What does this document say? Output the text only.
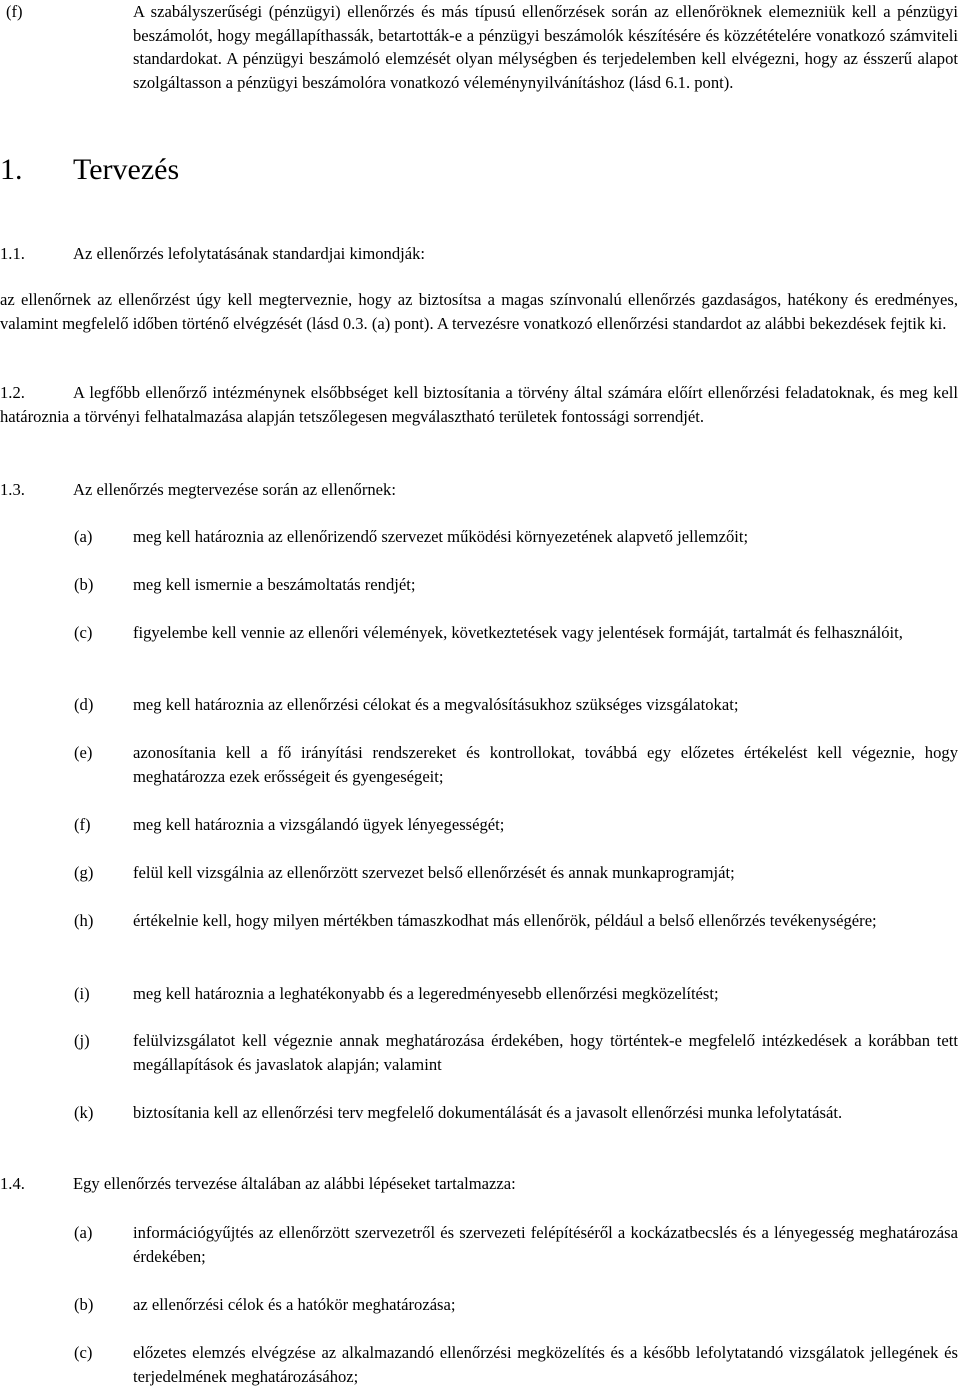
(f)	A szabályszerűségi (pénzügyi) ellenőrzés és más típusú ellenőrzések során az ellenőröknek elemezniük kell a pénzügyi beszámolót, hogy megállapíthassák, betartották-e a pénzügyi beszámolók készítésére és közzétételére vonatkozó számviteli standardokat. A pénzügyi beszámoló elemzését olyan mélységben és terjedelemben kell elvégezni, hogy az ésszerű alapot szolgáltasson a pénzügyi beszámolóra vonatkozó véleménynyilvánításhoz (lásd 6.1. pont).
1. Tervezés
1.1.	Az ellenőrzés lefolytatásának standardjai kimondják:
az ellenőrnek az ellenőrzést úgy kell megterveznie, hogy az biztosítsa a magas színvonalú ellenőrzés gazdaságos, hatékony és eredményes, valamint megfelelő időben történő elvégzését (lásd 0.3. (a) pont). A tervezésre vonatkozó ellenőrzési standardot az alábbi bekezdések fejtik ki.
1.2.	A legfőbb ellenőrző intézménynek elsőbbséget kell biztosítania a törvény által számára előírt ellenőrzési feladatoknak, és meg kell határoznia a törvényi felhatalmazása alapján tetszőlegesen megválasztható területek fontossági sorrendjét.
1.3.	Az ellenőrzés megtervezése során az ellenőrnek:
(a)	meg kell határoznia az ellenőrizendő szervezet működési környezetének alapvető jellemzőit;
(b)	meg kell ismernie a beszámoltatás rendjét;
(c)	figyelembe kell vennie az ellenőri vélemények, következtetések vagy jelentések formáját, tartalmát és felhasználóit,
(d)	meg kell határoznia az ellenőrzési célokat és a megvalósításukhoz szükséges vizsgálatokat;
(e)	azonosítania kell a fő irányítási rendszereket és kontrollokat, továbbá egy előzetes értékelést kell végeznie, hogy meghatározza ezek erősségeit és gyengeségeit;
(f)	meg kell határoznia a vizsgálandó ügyek lényegességét;
(g)	felül kell vizsgálnia az ellenőrzött szervezet belső ellenőrzését és annak munkaprogramját;
(h)	értékelnie kell, hogy milyen mértékben támaszkodhat más ellenőrök, például a belső ellenőrzés tevékenységére;
(i)	meg kell határoznia a leghatékonyabb és a legeredményesebb ellenőrzési megközelítést;
(j)	felülvizsgálatot kell végeznie annak meghatározása érdekében, hogy történtek-e megfelelő intézkedések a korábban tett megállapítások és javaslatok alapján; valamint
(k)	biztosítania kell az ellenőrzési terv megfelelő dokumentálását és a javasolt ellenőrzési munka lefolytatását.
1.4.	Egy ellenőrzés tervezése általában az alábbi lépéseket tartalmazza:
(a)	információgyűjtés az ellenőrzött szervezetről és szervezeti felépítéséről a kockázatbecslés és a lényegesség meghatározása érdekében;
(b)	az ellenőrzési célok és a hatókör meghatározása;
(c)	előzetes elemzés elvégzése az alkalmazandó ellenőrzési megközelítés és a később lefolytatandó vizsgálatok jellegének és terjedelmének meghatározásához;
